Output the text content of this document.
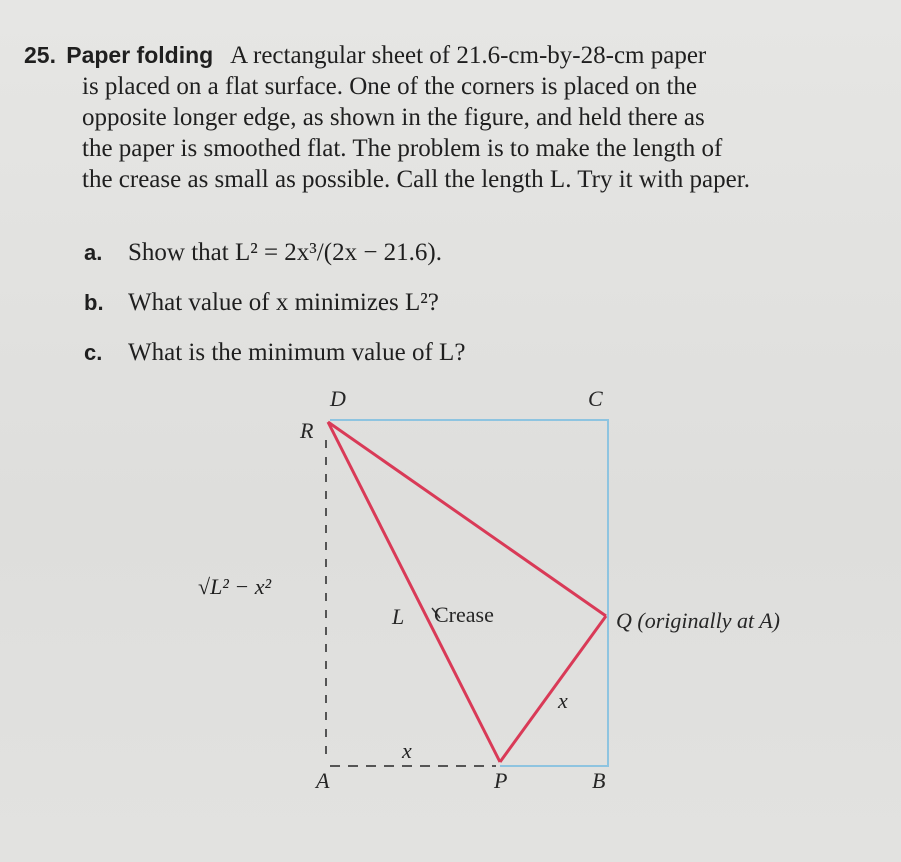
25. Paper folding A rectangular sheet of 21.6-cm-by-28-cm paper
is placed on a flat surface. One of the corners is placed on the
opposite longer edge, as shown in the figure, and held there as
the paper is smoothed flat. The problem is to make the length of
the crease as small as possible. Call the length L. Try it with paper.
a. Show that L² = 2x³/(2x − 21.6).
b. What value of x minimizes L²?
c. What is the minimum value of L?
D	C
R
A	P	B
L Crease	Q (originally at A)
x
x
√L² − x²
